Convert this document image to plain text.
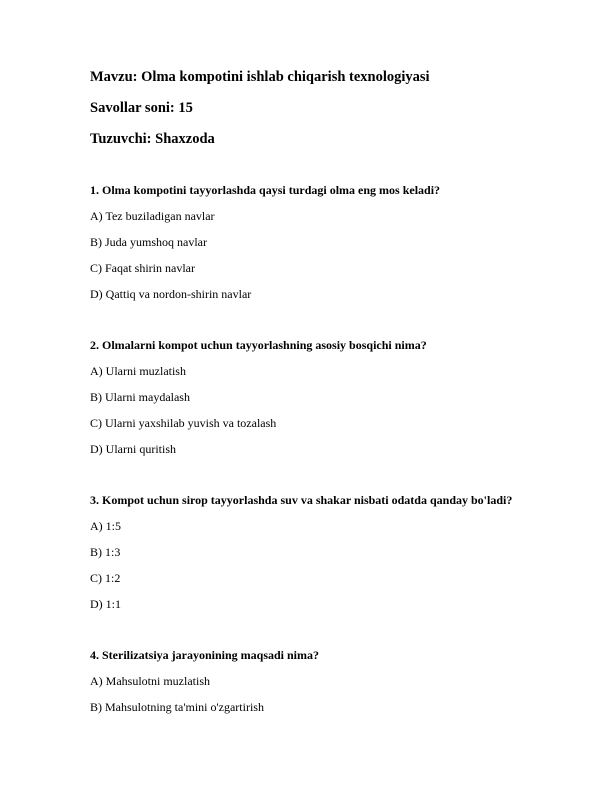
Mavzu: Olma kompotini ishlab chiqarish texnologiyasi
Savollar soni: 15
Tuzuvchi: Shaxzoda
1. Olma kompotini tayyorlashda qaysi turdagi olma eng mos keladi?
A) Tez buziladigan navlar
B) Juda yumshoq navlar
C) Faqat shirin navlar
D) Qattiq va nordon-shirin navlar
2. Olmalarni kompot uchun tayyorlashning asosiy bosqichi nima?
A) Ularni muzlatish
B) Ularni maydalash
C) Ularni yaxshilab yuvish va tozalash
D) Ularni quritish
3. Kompot uchun sirop tayyorlashda suv va shakar nisbati odatda qanday bo'ladi?
A) 1:5
B) 1:3
C) 1:2
D) 1:1
4. Sterilizatsiya jarayonining maqsadi nima?
A) Mahsulotni muzlatish
B) Mahsulotning ta'mini o'zgartirish
